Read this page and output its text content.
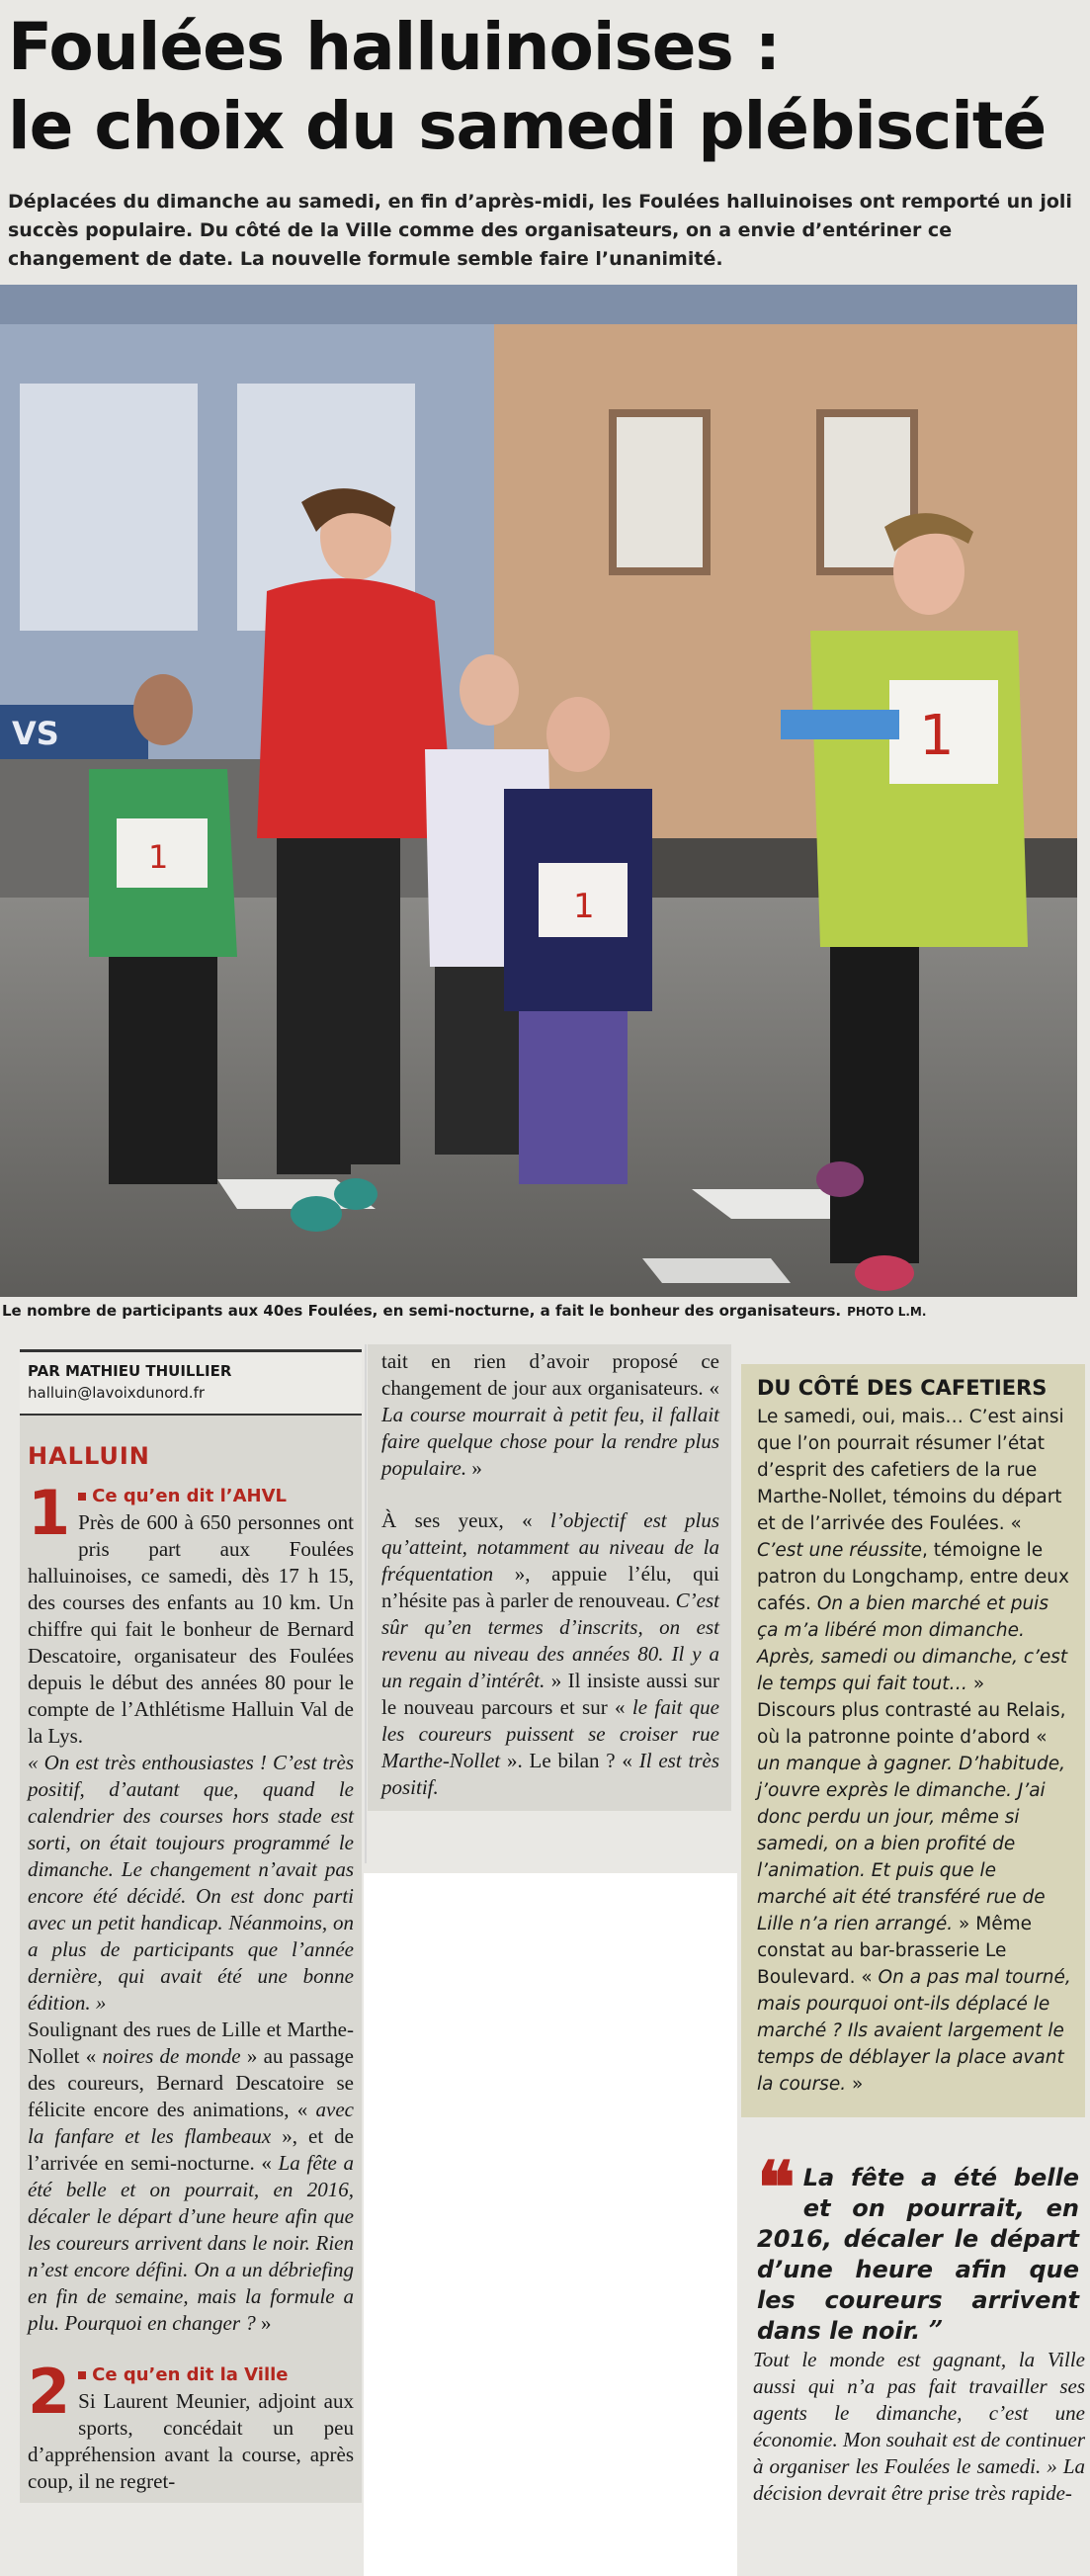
Foulées halluinoises :
le choix du samedi plébiscité
Déplacées du dimanche au samedi, en fin d’après-midi, les Foulées halluinoises ont remporté un joli succès populaire. Du côté de la Ville comme des organisateurs, on a envie d’entériner ce changement de date. La nouvelle formule semble faire l’unanimité.
VS
1
1
1
Le nombre de participants aux 40es Foulées, en semi-nocturne, a fait le bonheur des organisateurs. PHOTO L.M.
PAR MATHIEU THUILLIER
halluin@lavoixdunord.fr
HALLUIN
1	Ce qu’en dit l’AHVL

Près de 600 à 650 personnes ont pris part aux Foulées halluinoises, ce samedi, dès 17 h 15, des courses des enfants au 10 km. Un chiffre qui fait le bonheur de Bernard Descatoire, organisateur des Foulées depuis le début des années 80 pour le compte de l’Athlétisme Halluin Val de la Lys.

« On est très enthousiastes ! C’est très positif, d’autant que, quand le calendrier des courses hors stade est sorti, on était toujours programmé le dimanche. Le changement n’avait pas encore été décidé. On est donc parti avec un petit handicap. Néanmoins, on a plus de participants que l’année dernière, qui avait été une bonne édition. »

Soulignant des rues de Lille et Marthe-Nollet « noires de monde » au passage des coureurs, Bernard Descatoire se félicite encore des animations, « avec la fanfare et les flambeaux », et de l’arrivée en semi-nocturne. « La fête a été belle et on pourrait, en 2016, décaler le départ d’une heure afin que les coureurs arrivent dans le noir. Rien n’est encore défini. On a un débriefing en fin de semaine, mais la formule a plu. Pourquoi en changer ? »

2	Ce qu’en dit la Ville

Si Laurent Meunier, adjoint aux sports, concédait un peu d’appréhension avant la course, après coup, il ne regret-

tait en rien d’avoir proposé ce changement de jour aux organisateurs. « La course mourrait à petit feu, il fallait faire quelque chose pour la rendre plus populaire. »

À ses yeux, « l’objectif est plus qu’atteint, notamment au niveau de la fréquentation », appuie l’élu, qui n’hésite pas à parler de renouveau. C’est sûr qu’en termes d’inscrits, on est revenu au niveau des années 80. Il y a un regain d’intérêt. » Il insiste aussi sur le nouveau parcours et sur « le fait que les coureurs puissent se croiser rue Marthe-Nollet ». Le bilan ? « Il est très positif.

DU CÔTÉ DES CAFETIERS

Le samedi, oui, mais… C’est ainsi que l’on pourrait résumer l’état d’esprit des cafetiers de la rue Marthe-Nollet, témoins du départ et de l’arrivée des Foulées. « C’est une réussite, témoigne le patron du Longchamp, entre deux cafés. On a bien marché et puis ça m’a libéré mon dimanche. Après, samedi ou dimanche, c’est le temps qui fait tout… »

Discours plus contrasté au Relais, où la patronne pointe d’abord « un manque à gagner. D’habitude, j’ouvre exprès le dimanche. J’ai donc perdu un jour, même si samedi, on a bien profité de l’animation. Et puis que le marché ait été transféré rue de Lille n’a rien arrangé. » Même constat au bar-brasserie Le Boulevard. « On a pas mal tourné, mais pourquoi ont-ils déplacé le marché ? Ils avaient largement le temps de déblayer la place avant la course. »

❝ La fête a été belle et on pourrait, en 2016, décaler le départ d’une heure afin que les coureurs arrivent dans le noir. ”

Tout le monde est gagnant, la Ville aussi qui n’a pas fait travailler ses agents le dimanche, c’est une économie. Mon souhait est de continuer à organiser les Foulées le samedi. » La décision devrait être prise très rapide-
